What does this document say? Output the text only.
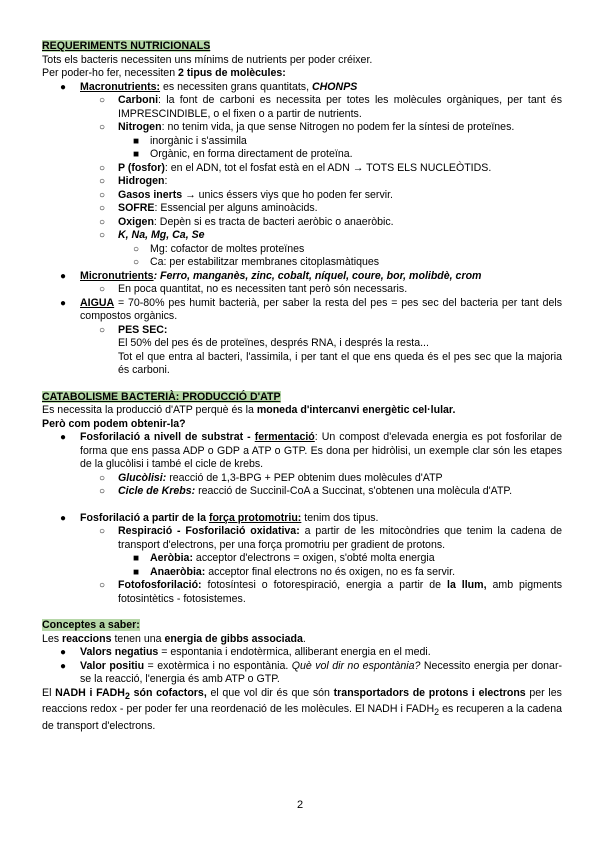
REQUERIMENTS NUTRICIONALS

Tots els bacteris necessiten uns mínims de nutrients per poder créixer.

Per poder-ho fer, necessiten 2 tipus de molècules:

● Macronutrients: es necessiten grans quantitats, CHONPS
○ Carboni: la font de carboni es necessita per totes les molècules orgàniques, per tant és IMPRESCINDIBLE, o el fixen o a partir de nutrients.
○ Nitrogen: no tenim vida, ja que sense Nitrogen no podem fer la síntesi de proteïnes.
■ inorgànic i s'assimila
■ Orgànic, en forma directament de proteïna.
○ P (fosfor): en el ADN, tot el fosfat està en el ADN → TOTS ELS NUCLEÒTIDS.
○ Hidrogen:
○ Gasos inerts → unics éssers viys que ho poden fer servir.
○ SOFRE: Essencial per alguns aminoàcids.
○ Oxigen: Depèn si es tracta de bacteri aeròbic o anaeròbic.
○ K, Na, Mg, Ca, Se
○ Mg: cofactor de moltes proteïnes
○ Ca: per estabilitzar membranes citoplasmàtiques
● Micronutrients: Ferro, manganès, zinc, cobalt, níquel, coure, bor, molibdè, crom
○ En poca quantitat, no es necessiten tant però són necessaris.
● AIGUA = 70-80% pes humit bacterià, per saber la resta del pes = pes sec del bacteria per tant dels compostos orgànics.
○ PES SEC:
El 50% del pes és de proteïnes, després RNA, i després la resta...
Tot el que entra al bacteri, l'assimila, i per tant el que ens queda és el pes sec que la majoria és carboni.

CATABOLISME BACTERIÀ: PRODUCCIÓ D'ATP

Es necessita la producció d'ATP perquè és la moneda d'intercanvi energètic cel·lular.

Però com podem obtenir-la?

● Fosforilació a nivell de substrat - fermentació: Un compost d'elevada energia es pot fosforilar de forma que ens passa ADP o GDP a ATP o GTP. Es dona per hidròlisi, un exemple clar són les etapes de la glucòlisi i també el cicle de krebs.
○ Glucòlisi: reacció de 1,3-BPG + PEP obtenim dues molècules d'ATP
○ Cicle de Krebs: reacció de Succinil-CoA a Succinat, s'obtenen una molècula d'ATP.
● Fosforilació a partir de la força protomotriu: tenim dos tipus.
○ Respiració - Fosforilació oxidativa: a partir de les mitocòndries que tenim la cadena de transport d'electrons, per una força promotriu per gradient de protons.
■ Aeròbia: acceptor d'electrons = oxigen, s'obté molta energia
■ Anaeròbia: acceptor final electrons no és oxigen, no es fa servir.
○ Fotofosforilació: fotosíntesi o fotorespiració, energia a partir de la llum, amb pigments fotosintètics - fotosistemes.

Conceptes a saber:

Les reaccions tenen una energia de gibbs associada.

● Valors negatius = espontania i endotèrmica, alliberant energia en el medi.
● Valor positiu = exotèrmica i no espontània. Què vol dir no espontània? Necessito energia per donar-se la reacció, l'energia és amb ATP o GTP.

El NADH i $FADH_2$ són cofactors, el que vol dir és que són transportadors de protons i electrons per les reaccions redox - per poder fer una reordenació de les molècules. El NADH i $FADH_2$ es recuperen a la cadena de transport d'electrons.

2
